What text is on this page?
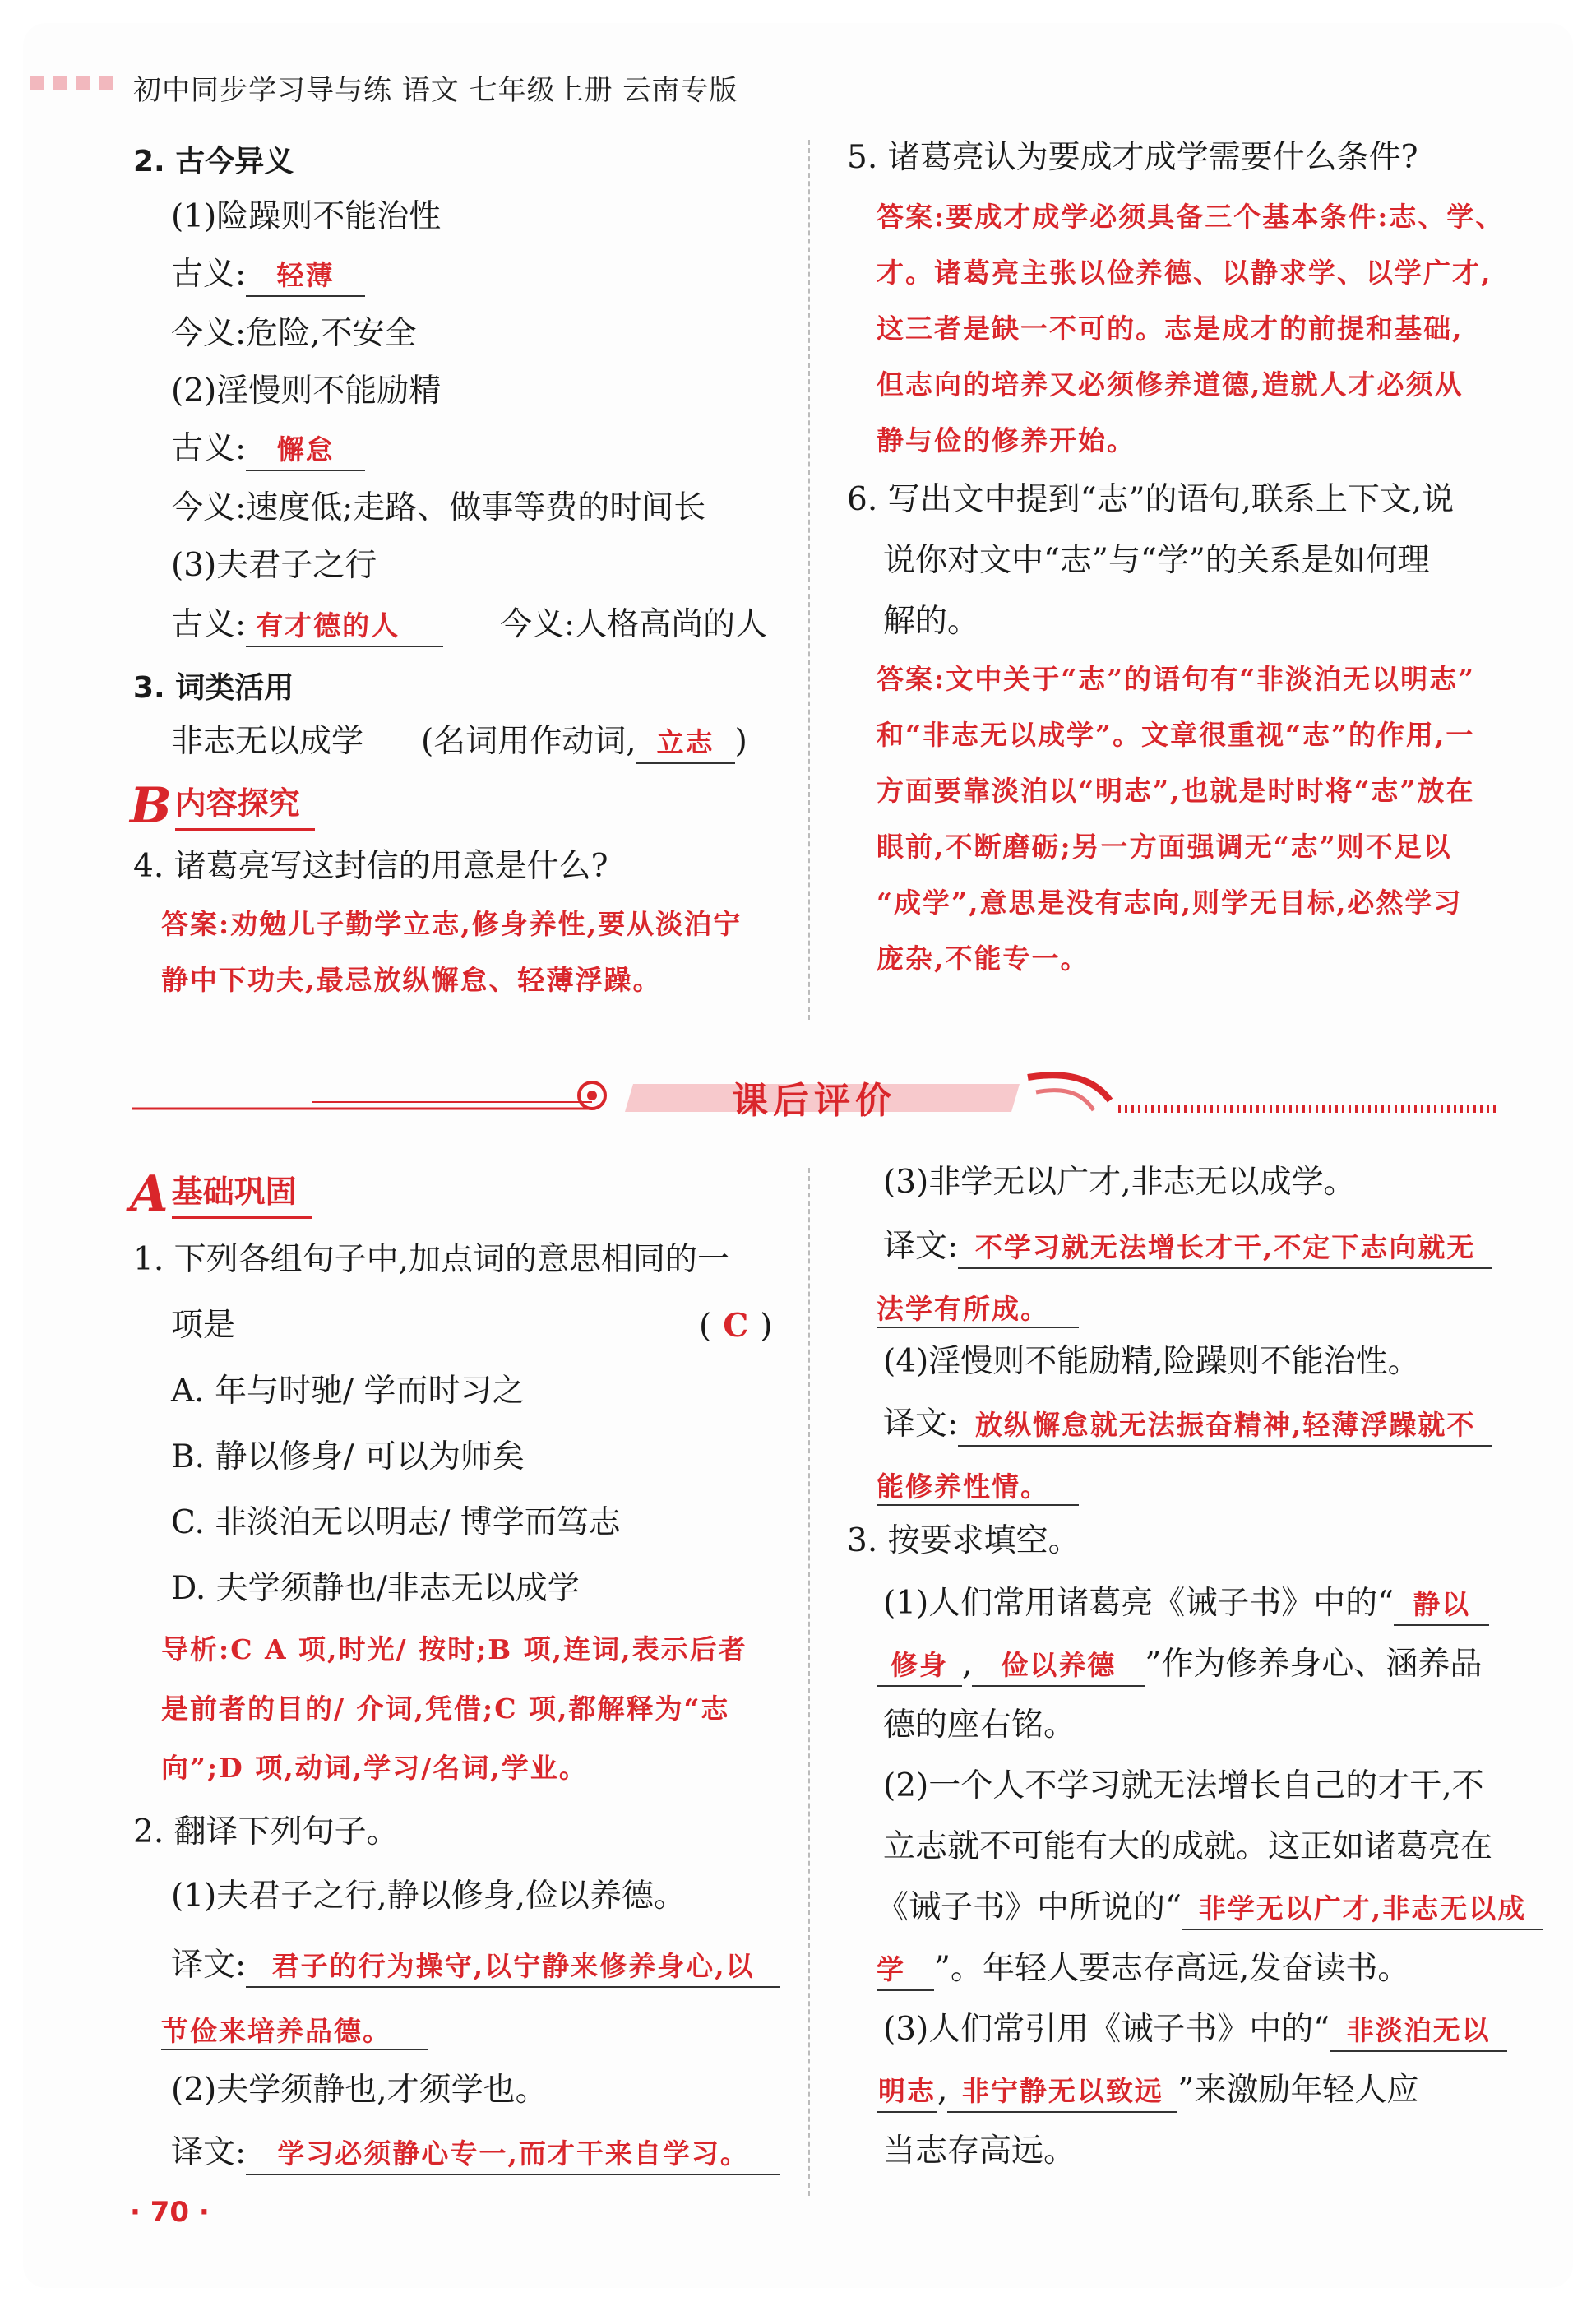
初中同步学习导与练 语文 七年级上册 云南专版
2. 古今异义
(1)险躁则不能治性
古义: 轻薄
今义:危险,不安全
(2)淫慢则不能励精
古义: 懈怠
今义:速度低;走路、做事等费的时间长
(3)夫君子之行
古义: 有才德的人	今义:人格高尚的人
3. 词类活用
非志无以成学 (名词用作动词, 立志 )
B 内容探究
4. 诸葛亮写这封信的用意是什么?
答案:劝勉儿子勤学立志,修身养性,要从淡泊宁
静中下功夫,最忌放纵懈怠、轻薄浮躁。
5. 诸葛亮认为要成才成学需要什么条件?
答案:要成才成学必须具备三个基本条件:志、学、
才。诸葛亮主张以俭养德、以静求学、以学广才,
这三者是缺一不可的。志是成才的前提和基础,
但志向的培养又必须修养道德,造就人才必须从
静与俭的修养开始。
6. 写出文中提到“志”的语句,联系上下文,说
说你对文中“志”与“学”的关系是如何理
解的。
答案:文中关于“志”的语句有“非淡泊无以明志”
和“非志无以成学”。文章很重视“志”的作用,一
方面要靠淡泊以“明志”,也就是时时将“志”放在
眼前,不断磨砺;另一方面强调无“志”则不足以
“成学”,意思是没有志向,则学无目标,必然学习
庞杂,不能专一。
课后评价
A 基础巩固
1. 下列各组句子中,加点词的意思相同的一
项是	( C )
A. 年与时驰/ 学而时习之
B. 静以修身/ 可以为师矣
C. 非淡泊无以明志/ 博学而笃志
D. 夫学须静也/非志无以成学
导析:C A 项,时光/ 按时;B 项,连词,表示后者
是前者的目的/ 介词,凭借;C 项,都解释为“志
向”;D 项,动词,学习/名词,学业。
2. 翻译下列句子。
(1)夫君子之行,静以修身,俭以养德。
译文: 君子的行为操守,以宁静来修养身心,以
节俭来培养品德。
(2)夫学须静也,才须学也。
译文: 学习必须静心专一,而才干来自学习。
(3)非学无以广才,非志无以成学。
译文: 不学习就无法增长才干,不定下志向就无
法学有所成。
(4)淫慢则不能励精,险躁则不能治性。
译文: 放纵懈怠就无法振奋精神,轻薄浮躁就不
能修养性情。
3. 按要求填空。
(1)人们常用诸葛亮《诫子书》中的“ 静以
修身 , 俭以养德 ”作为修养身心、涵养品
德的座右铭。
(2)一个人不学习就无法增长自己的才干,不
立志就不可能有大的成就。这正如诸葛亮在
《诫子书》中所说的“ 非学无以广才,非志无以成
学 ”。年轻人要志存高远,发奋读书。
(3)人们常引用《诫子书》中的“ 非淡泊无以
明志, 非宁静无以致远 ”来激励年轻人应
当志存高远。
· 70 ·
